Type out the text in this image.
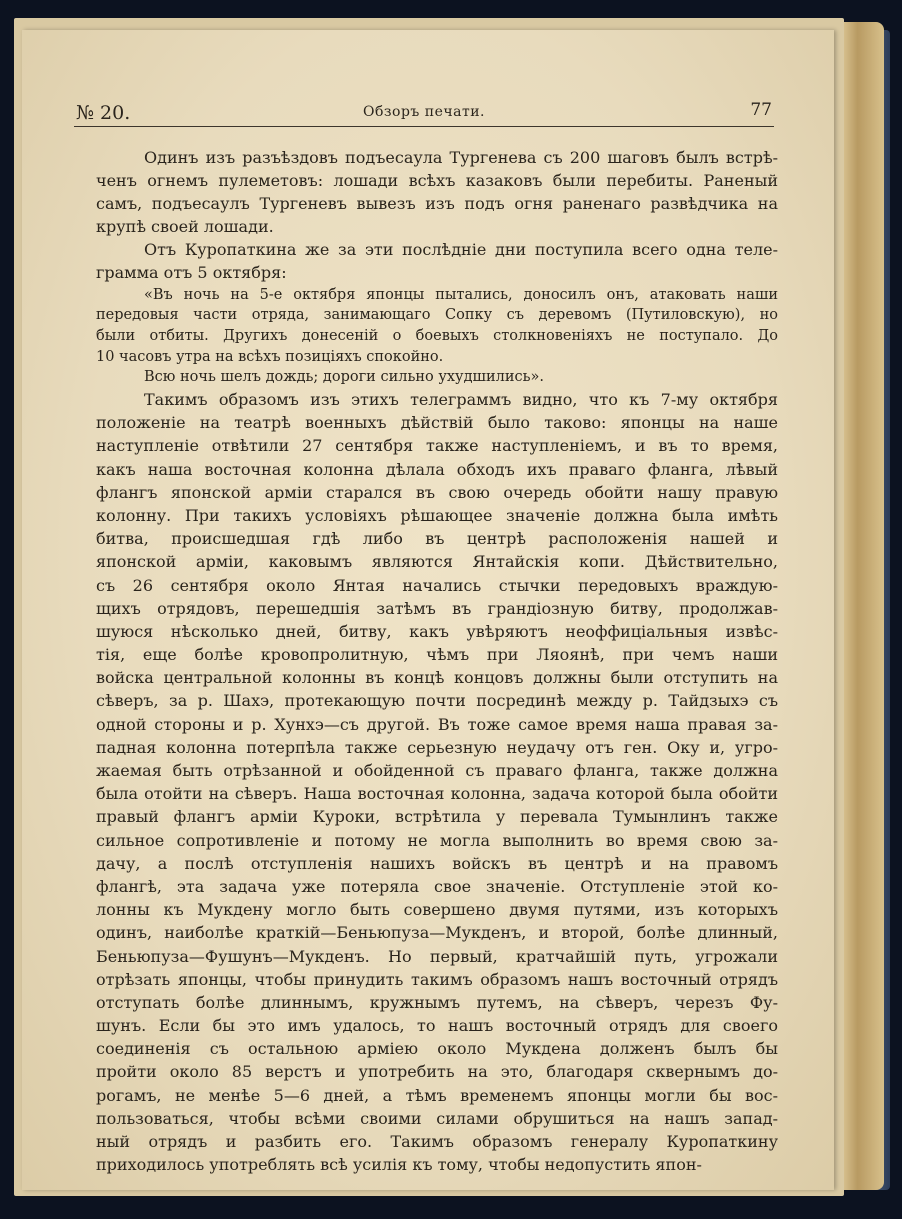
№ 20.	Обзоръ печати.	77
Одинъ изъ разъѣздовъ подъесаула Тургенева съ 200 шаговъ былъ встрѣ-
ченъ огнемъ пулеметовъ: лошади всѣхъ казаковъ были перебиты. Раненый
самъ, подъесаулъ Тургеневъ вывезъ изъ подъ огня раненаго развѣдчика на
крупѣ своей лошади.
Отъ Куропаткина же за эти послѣдніе дни поступила всего одна теле-
грамма отъ 5 октября:
«Въ ночь на 5-е октября японцы пытались, доносилъ онъ, атаковать наши
передовыя части отряда, занимающаго Сопку съ деревомъ (Путиловскую), но
были отбиты. Другихъ донесеній о боевыхъ столкновеніяхъ не поступало. До
10 часовъ утра на всѣхъ позиціяхъ спокойно.
Всю ночь шелъ дождь; дороги сильно ухудшились».
Такимъ образомъ изъ этихъ телеграммъ видно, что къ 7-му октября
положеніе на театрѣ военныхъ дѣйствій было таково: японцы на наше
наступленіе отвѣтили 27 сентября также наступленіемъ, и въ то время,
какъ наша восточная колонна дѣлала обходъ ихъ праваго фланга, лѣвый
флангъ японской арміи старался въ свою очередь обойти нашу правую
колонну. При такихъ условіяхъ рѣшающее значеніе должна была имѣть
битва, происшедшая гдѣ либо въ центрѣ расположенія нашей и
японской арміи, каковымъ являются Янтайскія копи. Дѣйствительно,
съ 26 сентября около Янтая начались стычки передовыхъ враждую-
щихъ отрядовъ, перешедшія затѣмъ въ грандіозную битву, продолжав-
шуюся нѣсколько дней, битву, какъ увѣряютъ неоффиціальныя извѣс-
тія, еще болѣе кровопролитную, чѣмъ при Ляоянѣ, при чемъ наши
войска центральной колонны въ концѣ концовъ должны были отступить на
сѣверъ, за р. Шахэ, протекающую почти посрединѣ между р. Тайдзыхэ съ
одной стороны и р. Хунхэ—съ другой. Въ тоже самое время наша правая за-
падная колонна потерпѣла также серьезную неудачу отъ ген. Оку и, угро-
жаемая быть отрѣзанной и обойденной съ праваго фланга, также должна
была отойти на сѣверъ. Наша восточная колонна, задача которой была обойти
правый флангъ арміи Куроки, встрѣтила у перевала Тумынлинъ также
сильное сопротивленіе и потому не могла выполнить во время свою за-
дачу, а послѣ отступленія нашихъ войскъ въ центрѣ и на правомъ
флангѣ, эта задача уже потеряла свое значеніе. Отступленіе этой ко-
лонны къ Мукдену могло быть совершено двумя путями, изъ которыхъ
одинъ, наиболѣе краткій—Беньюпуза—Мукденъ, и второй, болѣе длинный,
Беньюпуза—Фушунъ—Мукденъ. Но первый, кратчайшій путь, угрожали
отрѣзать японцы, чтобы принудить такимъ образомъ нашъ восточный отрядъ
отступать болѣе длиннымъ, кружнымъ путемъ, на сѣверъ, черезъ Фу-
шунъ. Если бы это имъ удалось, то нашъ восточный отрядъ для своего
соединенія съ остальною арміею около Мукдена долженъ былъ бы
пройти около 85 верстъ и употребить на это, благодаря сквернымъ до-
рогамъ, не менѣе 5—6 дней, а тѣмъ временемъ японцы могли бы вос-
пользоваться, чтобы всѣми своими силами обрушиться на нашъ запад-
ный отрядъ и разбить его. Такимъ образомъ генералу Куропаткину
приходилось употреблять всѣ усилія къ тому, чтобы недопустить япон-
